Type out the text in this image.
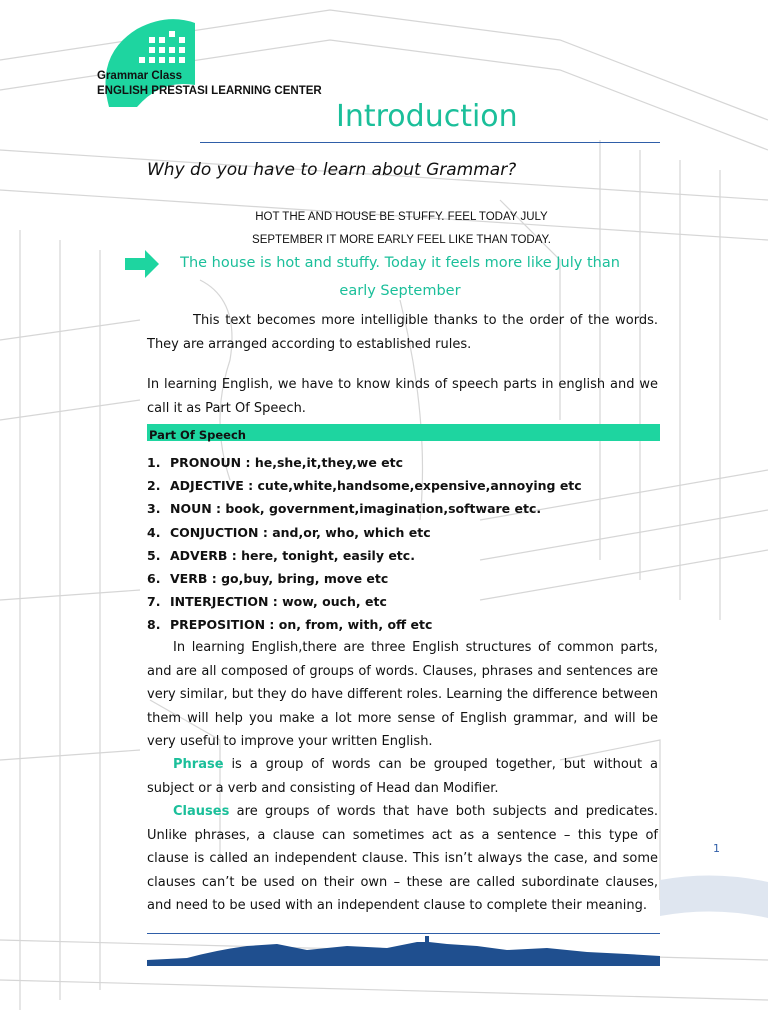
Grammar Class
ENGLISH PRESTASI LEARNING CENTER
Introduction
Why do you have to learn about Grammar?
HOT THE AND HOUSE BE STUFFY. FEEL TODAY JULY
SEPTEMBER IT MORE EARLY FEEL LIKE THAN TODAY.
The house is hot and stuffy. Today it feels more like July than
early September
This text becomes more intelligible thanks to the order of the words. They are arranged according to established rules.
In learning English, we have to know kinds of speech parts in english and we call it as Part Of Speech.
Part Of Speech
1. PRONOUN : he,she,it,they,we etc
2. ADJECTIVE : cute,white,handsome,expensive,annoying etc
3. NOUN : book, government,imagination,software etc.
4. CONJUCTION : and,or, who, which etc
5. ADVERB : here, tonight, easily etc.
6. VERB : go,buy, bring, move etc
7. INTERJECTION : wow, ouch, etc
8. PREPOSITION : on, from, with, off etc
In learning English,there are three English structures of common parts, and are all composed of groups of words. Clauses, phrases and sentences are very similar, but they do have different roles. Learning the difference between them will help you make a lot more sense of English grammar, and will be very useful to improve your written English.
Phrase is a group of words can be grouped together, but without a subject or a verb and consisting of Head dan Modifier.
Clauses are groups of words that have both subjects and predicates. Unlike phrases, a clause can sometimes act as a sentence – this type of clause is called an independent clause. This isn’t always the case, and some clauses can’t be used on their own – these are called subordinate clauses, and need to be used with an independent clause to complete their meaning.
1
